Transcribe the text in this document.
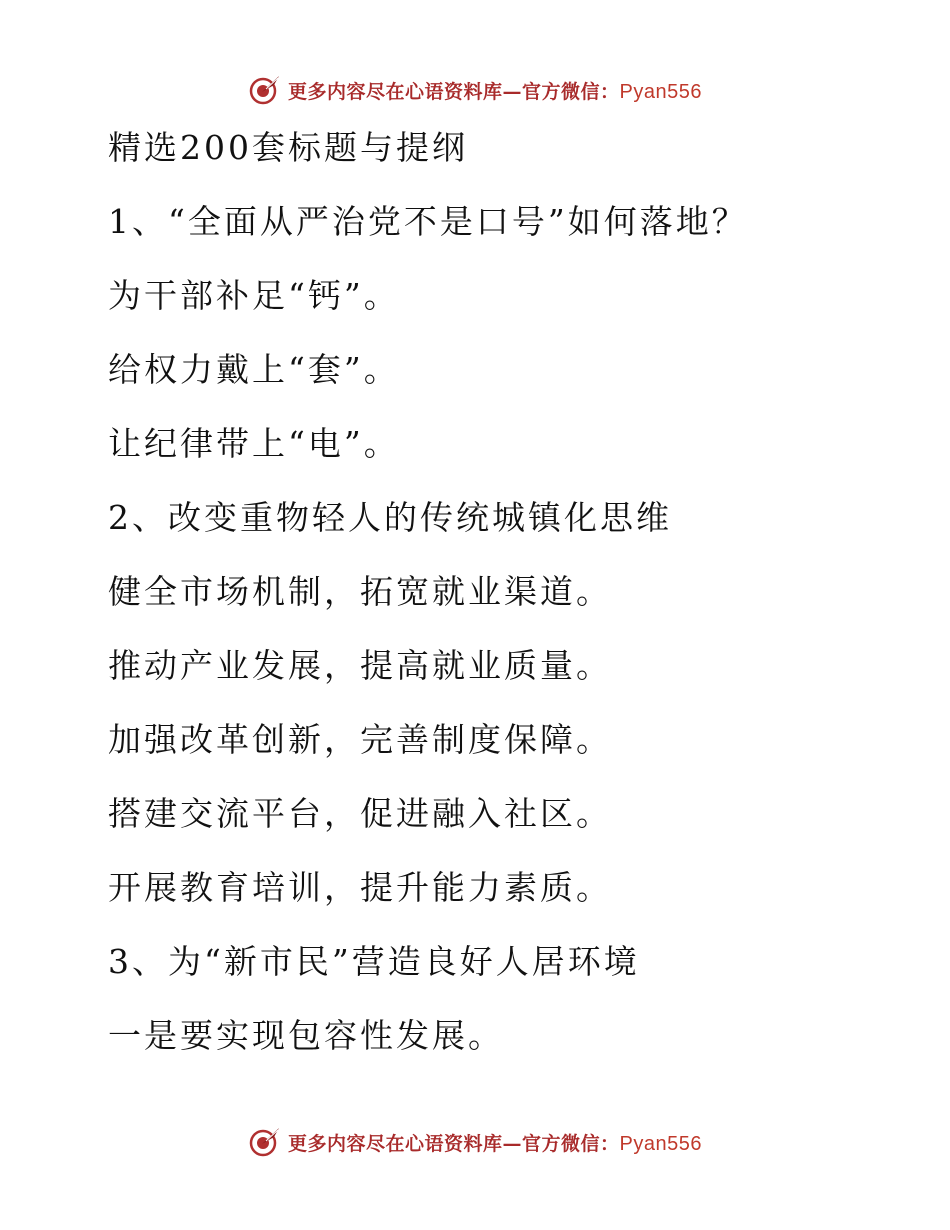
更多内容尽在心语资料库—官方微信：Pyan556
精选200套标题与提纲
1、“全面从严治党不是口号”如何落地？
为干部补足“钙”。
给权力戴上“套”。
让纪律带上“电”。
2、改变重物轻人的传统城镇化思维
健全市场机制，拓宽就业渠道。
推动产业发展，提高就业质量。
加强改革创新，完善制度保障。
搭建交流平台，促进融入社区。
开展教育培训，提升能力素质。
3、为“新市民”营造良好人居环境
一是要实现包容性发展。
更多内容尽在心语资料库—官方微信：Pyan556
